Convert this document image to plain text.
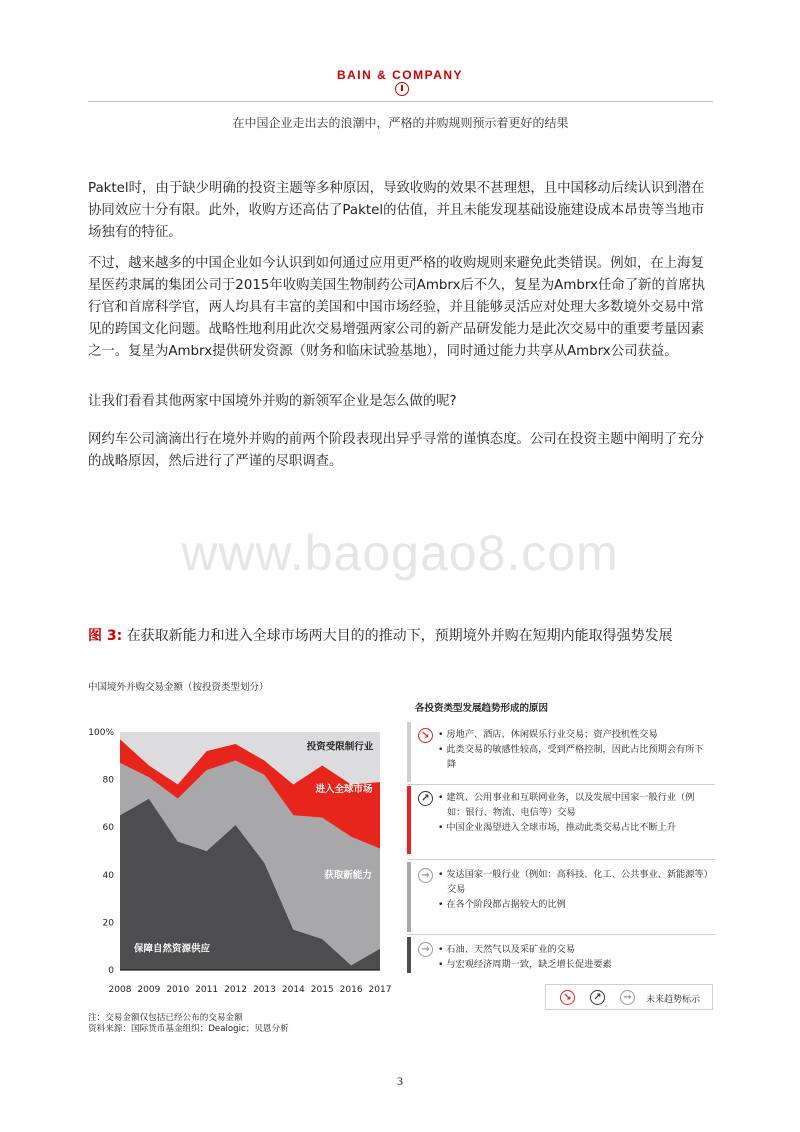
BAIN & COMPANY
在中国企业走出去的浪潮中，严格的并购规则预示着更好的结果
Paktel时，由于缺少明确的投资主题等多种原因，导致收购的效果不甚理想，且中国移动后续认识到潜在协同效应十分有限。此外，收购方还高估了Paktel的估值，并且未能发现基础设施建设成本昂贵等当地市场独有的特征。
不过，越来越多的中国企业如今认识到如何通过应用更严格的收购规则来避免此类错误。例如，在上海复星医药隶属的集团公司于2015年收购美国生物制药公司Ambrx后不久，复星为Ambrx任命了新的首席执行官和首席科学官，两人均具有丰富的美国和中国市场经验，并且能够灵活应对处理大多数境外交易中常见的跨国文化问题。战略性地利用此次交易增强两家公司的新产品研发能力是此次交易中的重要考量因素之一。复星为Ambrx提供研发资源（财务和临床试验基地），同时通过能力共享从Ambrx公司获益。
让我们看看其他两家中国境外并购的新领军企业是怎么做的呢?
网约车公司滴滴出行在境外并购的前两个阶段表现出异乎寻常的谨慎态度。公司在投资主题中阐明了充分的战略原因，然后进行了严谨的尽职调查。
www.baogao8.com
图 3: 在获取新能力和进入全球市场两大目的的推动下，预期境外并购在短期内能取得强势发展
中国境外并购交易金额（按投资类型划分）
各投资类型发展趋势形成的原因
0
20
40
60
80
100%
2008 2009 2010 2011 2012 2013 2014 2015 2016 2017
保障自然资源供应
获取新能力
进入全球市场
投资受限制行业
↘ • 房地产、酒店、休闲娱乐行业交易；资产投机性交易
• 此类交易的敏感性较高，受到严格控制，因此占比预期会有所下降
↗ • 建筑、公用事业和互联网业务，以及发展中国家一般行业（例如：银行、物流、电信等）交易
• 中国企业渴望进入全球市场，推动此类交易占比不断上升
→ • 发达国家一般行业（例如：高科技、化工、公共事业、新能源等）交易
• 在各个阶段都占据较大的比例
→ • 石油、天然气以及采矿业的交易
• 与宏观经济周期一致，缺乏增长促进要素
↘	↗	→	未来趋势标示
注：交易金额仅包括已经公布的交易金额
资料来源：国际货币基金组织；Dealogic；贝恩分析
3
